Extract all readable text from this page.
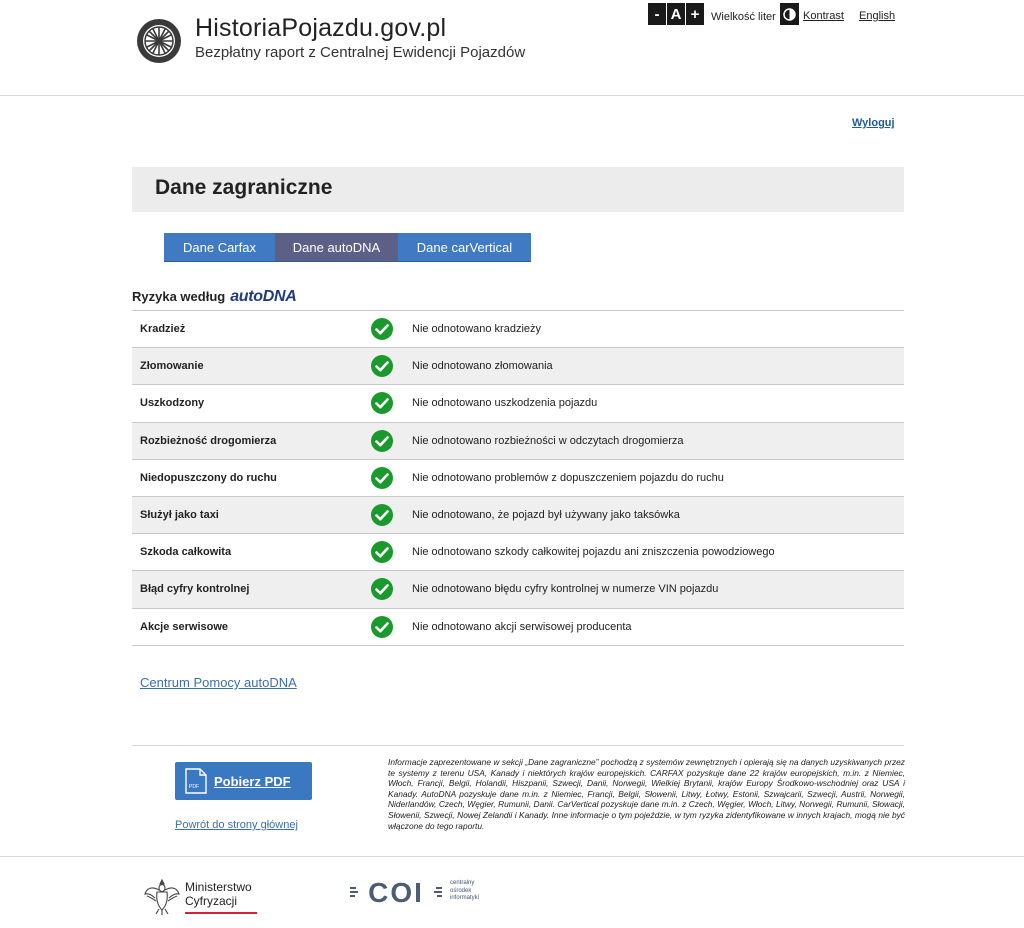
HistoriaPojazdu.gov.pl
Bezpłatny raport z Centralnej Ewidencji Pojazdów
- A +	Wielkość liter Kontrast English
Wyloguj
Dane zagraniczne
Dane Carfax	Dane autoDNA	Dane carVertical
Ryzyka według autoDNA
Kradzież	Nie odnotowano kradzieży
Złomowanie	Nie odnotowano złomowania
Uszkodzony	Nie odnotowano uszkodzenia pojazdu
Rozbieżność drogomierza	Nie odnotowano rozbieżności w odczytach drogomierza
Niedopuszczony do ruchu	Nie odnotowano problemów z dopuszczeniem pojazdu do ruchu
Służył jako taxi	Nie odnotowano, że pojazd był używany jako taksówka
Szkoda całkowita	Nie odnotowano szkody całkowitej pojazdu ani zniszczenia powodziowego
Błąd cyfry kontrolnej	Nie odnotowano błędu cyfry kontrolnej w numerze VIN pojazdu
Akcje serwisowe	Nie odnotowano akcji serwisowej producenta
Centrum Pomocy autoDNA
PDF Pobierz PDF
Powrót do strony głównej
Informacje zaprezentowane w sekcji „Dane zagraniczne” pochodzą z systemów zewnętrznych i opierają się na danych uzyskiwanych przez te systemy z terenu USA, Kanady i niektórych krajów europejskich. CARFAX pozyskuje dane 22 krajów europejskich, m.in. z Niemiec, Włoch, Francji, Belgii, Holandii, Hiszpanii, Szwecji, Danii, Norwegii, Wielkiej Brytanii, krajów Europy Środkowo-wschodniej oraz USA i Kanady. AutoDNA pozyskuje dane m.in. z Niemiec, Francji, Belgii, Słowenii, Litwy, Łotwy, Estonii, Szwajcarii, Szwecji, Austrii, Norwegii, Niderlandów, Czech, Węgier, Rumunii, Danii. CarVertical pozyskuje dane m.in. z Czech, Węgier, Włoch, Litwy, Norwegii, Rumunii, Słowacji, Słowenii, Szwecji, Nowej Zelandii i Kanady. Inne informacje o tym pojeździe, w tym ryzyka zidentyfikowane w innych krajach, mogą nie być włączone do tego raportu.
Ministerstwo
Cyfryzacji	COI	centralny
ośrodek
informatyki
